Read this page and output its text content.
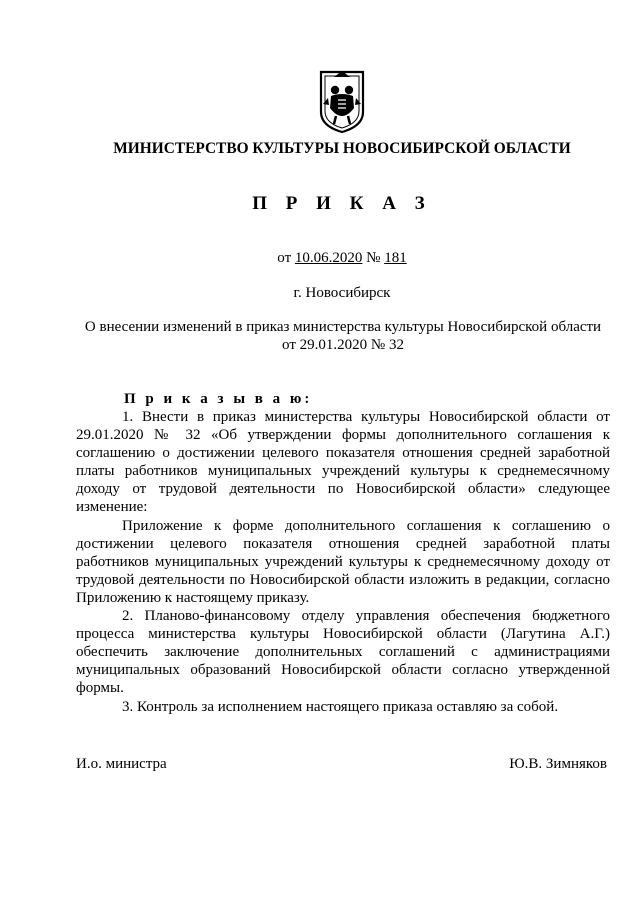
МИНИСТЕРСТВО КУЛЬТУРЫ НОВОСИБИРСКОЙ ОБЛАСТИ
П Р И К А З
от 10.06.2020 № 181
г. Новосибирск
О внесении изменений в приказ министерства культуры Новосибирской области
от 29.01.2020 № 32
П р и к а з ы в а ю:

1. Внести в приказ министерства культуры Новосибирской области от 29.01.2020 № 32 «Об утверждении формы дополнительного соглашения к соглашению о достижении целевого показателя отношения средней заработной платы работников муниципальных учреждений культуры к среднемесячному доходу от трудовой деятельности по Новосибирской области» следующее изменение:

Приложение к форме дополнительного соглашения к соглашению о достижении целевого показателя отношения средней заработной платы работников муниципальных учреждений культуры к среднемесячному доходу от трудовой деятельности по Новосибирской области изложить в редакции, согласно Приложению к настоящему приказу.

2. Планово-финансовому отделу управления обеспечения бюджетного процесса министерства культуры Новосибирской области (Лагутина А.Г.) обеспечить заключение дополнительных соглашений с администрациями муниципальных образований Новосибирской области согласно утвержденной формы.

3. Контроль за исполнением настоящего приказа оставляю за собой.

И.о. министра	Ю.В. Зимняков
